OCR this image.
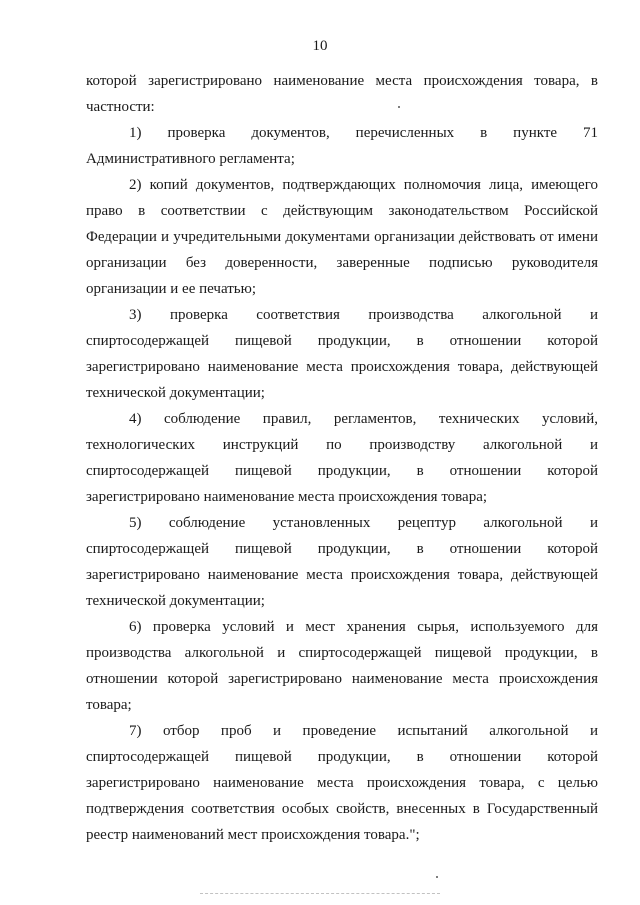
10

которой зарегистрировано наименование места происхождения товара, в частности:

1) проверка документов, перечисленных в пункте 71 Административного регламента;

2) копий документов, подтверждающих полномочия лица, имеющего право в соответствии с действующим законодательством Российской Федерации и учредительными документами организации действовать от имени организации без доверенности, заверенные подписью руководителя организации и ее печатью;

3) проверка соответствия производства алкогольной и спиртосодержащей пищевой продукции, в отношении которой зарегистрировано наименование места происхождения товара, действующей технической документации;

4) соблюдение правил, регламентов, технических условий, технологических инструкций по производству алкогольной и спиртосодержащей пищевой продукции, в отношении которой зарегистрировано наименование места происхождения товара;

5) соблюдение установленных рецептур алкогольной и спиртосодержащей пищевой продукции, в отношении которой зарегистрировано наименование места происхождения товара, действующей технической документации;

6) проверка условий и мест хранения сырья, используемого для производства алкогольной и спиртосодержащей пищевой продукции, в отношении которой зарегистрировано наименование места происхождения товара;

7) отбор проб и проведение испытаний алкогольной и спиртосодержащей пищевой продукции, в отношении которой зарегистрировано наименование места происхождения товара, с целью подтверждения соответствия особых свойств, внесенных в Государственный реестр наименований мест происхождения товара.";
